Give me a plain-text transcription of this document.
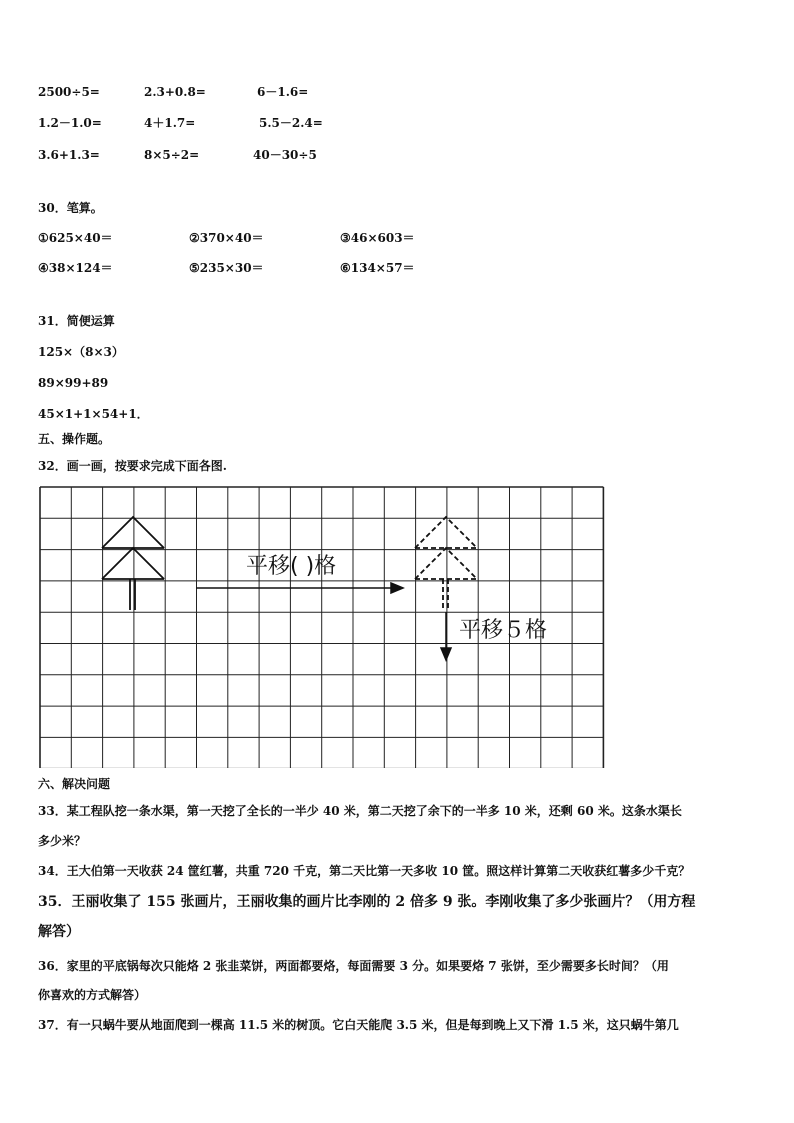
2500÷5=	2.3+0.8=	6－1.6=
1.2－1.0=	4＋1.7=	5.5－2.4=
3.6+1.3=	8×5÷2=	40－30÷5
30．笔算。
①625×40＝	②370×40＝	③46×603＝
④38×124＝	⑤235×30＝	⑥134×57＝
31．简便运算
125×（8×3）
89×99+89
45×1+1×54+1．
五、操作题。
32．画一画，按要求完成下面各图.
平移( )格
平移５格
六、解决问题
33．某工程队挖一条水渠，第一天挖了全长的一半少 40 米，第二天挖了余下的一半多 10 米，还剩 60 米。这条水渠长
多少米？
34．王大伯第一天收获 24 筐红薯，共重 720 千克，第二天比第一天多收 10 筐。照这样计算第二天收获红薯多少千克？
35．王丽收集了 155 张画片，王丽收集的画片比李刚的 2 倍多 9 张。李刚收集了多少张画片？（用方程
解答）
36．家里的平底锅每次只能烙 2 张韭菜饼，两面都要烙，每面需要 3 分。如果要烙 7 张饼，至少需要多长时间？（用
你喜欢的方式解答）
37．有一只蜗牛要从地面爬到一棵高 11.5 米的树顶。它白天能爬 3.5 米，但是每到晚上又下滑 1.5 米，这只蜗牛第几
